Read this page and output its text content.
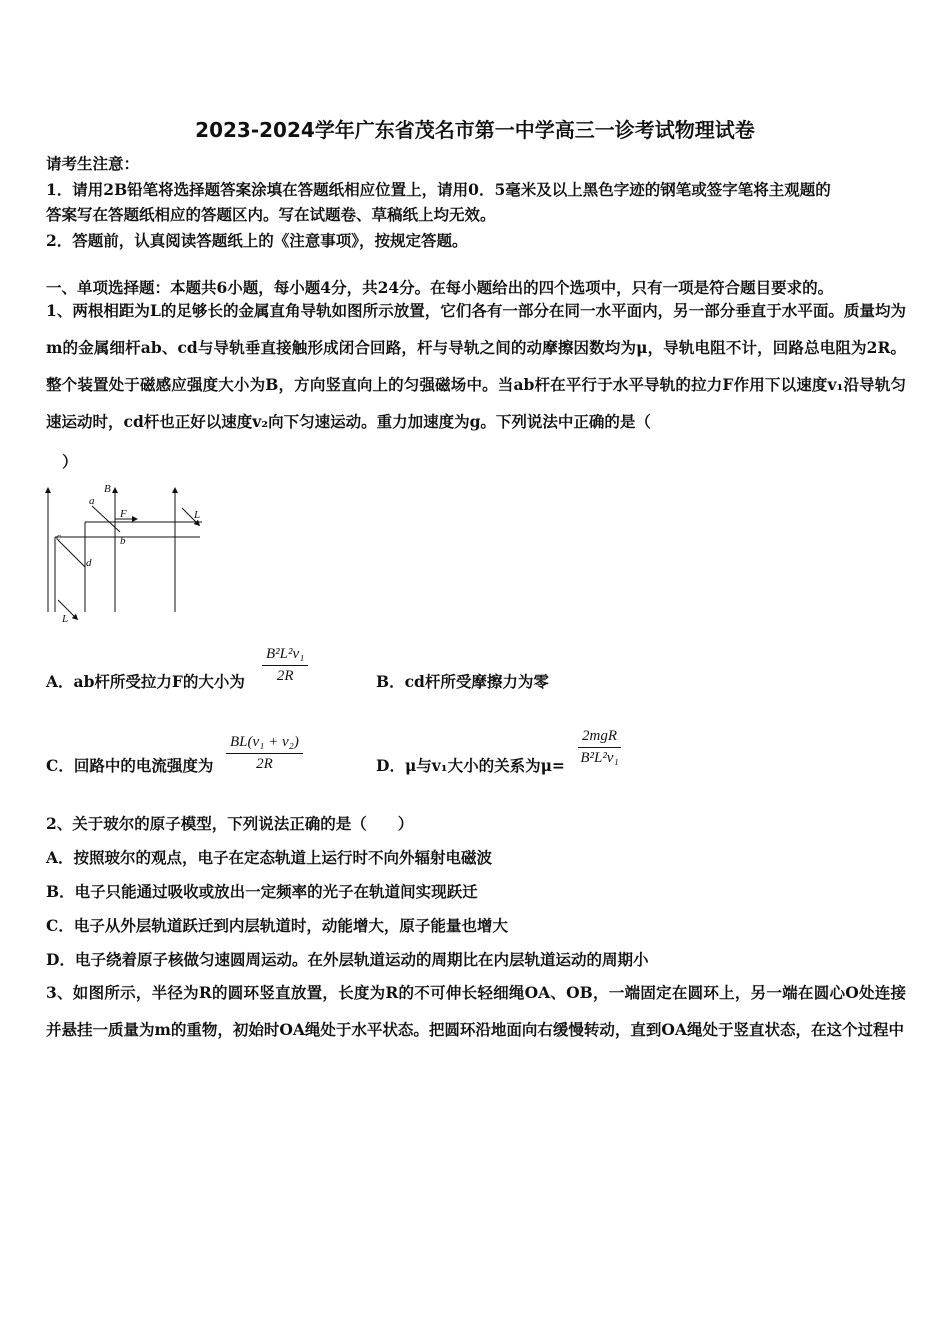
2023-2024学年广东省茂名市第一中学高三一诊考试物理试卷
请考生注意：
1．请用2B铅笔将选择题答案涂填在答题纸相应位置上，请用0．5毫米及以上黑色字迹的钢笔或签字笔将主观题的
答案写在答题纸相应的答题区内。写在试题卷、草稿纸上均无效。
2．答题前，认真阅读答题纸上的《注意事项》，按规定答题。
一、单项选择题：本题共6小题，每小题4分，共24分。在每小题给出的四个选项中，只有一项是符合题目要求的。
1、两根相距为L的足够长的金属直角导轨如图所示放置，它们各有一部分在同一水平面内，另一部分垂直于水平面。质量均为m的金属细杆ab、cd与导轨垂直接触形成闭合回路，杆与导轨之间的动摩擦因数均为μ，导轨电阻不计，回路总电阻为2R。整个装置处于磁感应强度大小为B，方向竖直向上的匀强磁场中。当ab杆在平行于水平导轨的拉力F作用下以速度v₁沿导轨匀速运动时，cd杆也正好以速度v₂向下匀速运动。重力加速度为g。下列说法中正确的是（
）
a
b
B
F
c
d
L
L
A．ab杆所受拉力F的大小为 $\frac{\text{B²L²v₁}}{2R}$	B．cd杆所受摩擦力为零
C．回路中的电流强度为 $\frac{\text{BL(v₁ + v₂)}}{2R}$	D．μ与v₁大小的关系为μ=
2mgR
B²L²v₁
2、关于玻尔的原子模型，下列说法正确的是（　　）
A．按照玻尔的观点，电子在定态轨道上运行时不向外辐射电磁波
B．电子只能通过吸收或放出一定频率的光子在轨道间实现跃迁
C．电子从外层轨道跃迁到内层轨道时，动能增大，原子能量也增大
D．电子绕着原子核做匀速圆周运动。在外层轨道运动的周期比在内层轨道运动的周期小
3、如图所示，半径为R的圆环竖直放置，长度为R的不可伸长轻细绳OA、OB，一端固定在圆环上，另一端在圆心O处连接并悬挂一质量为m的重物，初始时OA绳处于水平状态。把圆环沿地面向右缓慢转动，直到OA绳处于竖直状态，在这个过程中
